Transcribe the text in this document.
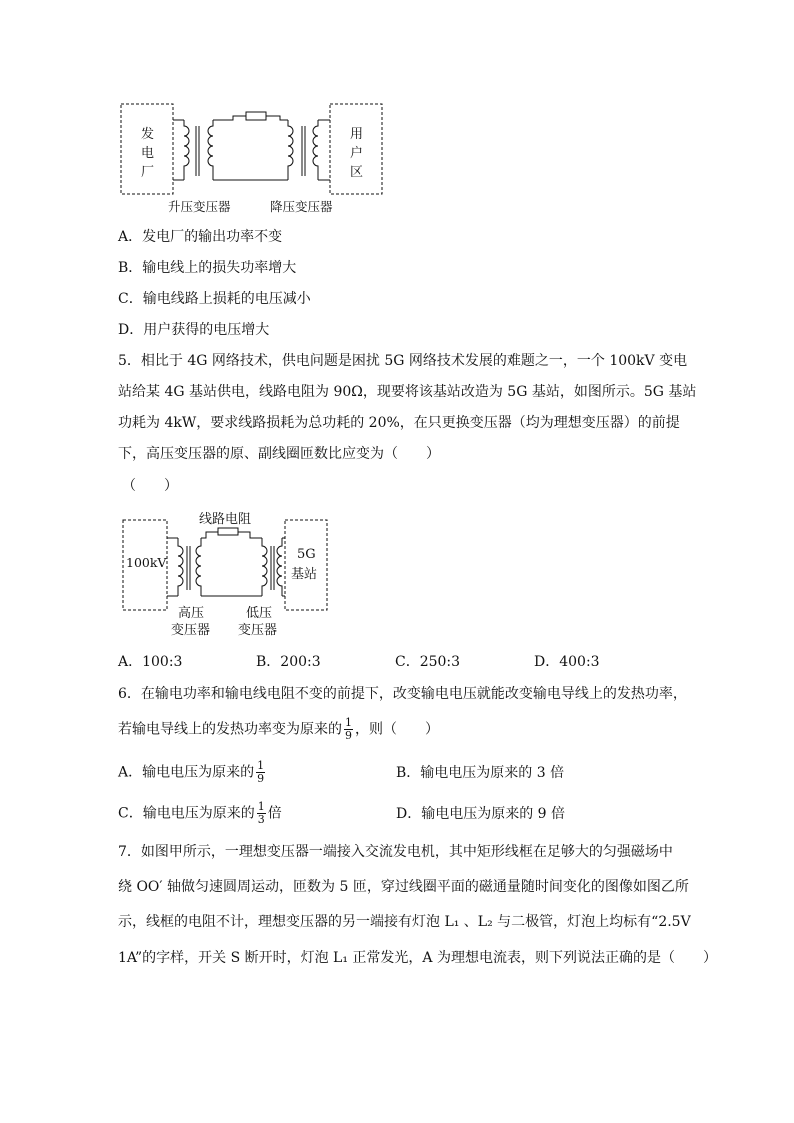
发
电
厂
用
户
区
升压变压器	降压变压器
A．发电厂的输出功率不变
B．输电线上的损失功率增大
C．输电线路上损耗的电压减小
D．用户获得的电压增大
5．相比于 4G 网络技术，供电问题是困扰 5G 网络技术发展的难题之一，一个 100kV 变电
站给某 4G 基站供电，线路电阻为 90Ω，现要将该基站改造为 5G 基站，如图所示。5G 基站
功耗为 4kW，要求线路损耗为总功耗的 20%，在只更换变压器（均为理想变压器）的前提
下，高压变压器的原、副线圈匝数比应变为（　　）
（　　）
线路电阻
100kV
5G
基站
高压
变压器
低压
变压器
A．100:3	B．200:3	C．250:3	D．400:3
6．在输电功率和输电线电阻不变的前提下，改变输电电压就能改变输电导线上的发热功率，
若输电导线上的发热功率变为原来的 $\frac{1}{9}$ ，则（　　）
A．输电电压为原来的 $\frac{1}{9}$	B．输电电压为原来的 3 倍
C．输电电压为原来的 $\frac{1}{3}$ 倍	D．输电电压为原来的 9 倍
7．如图甲所示，一理想变压器一端接入交流发电机，其中矩形线框在足够大的匀强磁场中
绕 OO′ 轴做匀速圆周运动，匝数为 5 匝，穿过线圈平面的磁通量随时间变化的图像如图乙所
示，线框的电阻不计，理想变压器的另一端接有灯泡 L₁ 、L₂ 与二极管，灯泡上均标有“2.5V
1A”的字样，开关 S 断开时，灯泡 L₁ 正常发光，A 为理想电流表，则下列说法正确的是（　　）
